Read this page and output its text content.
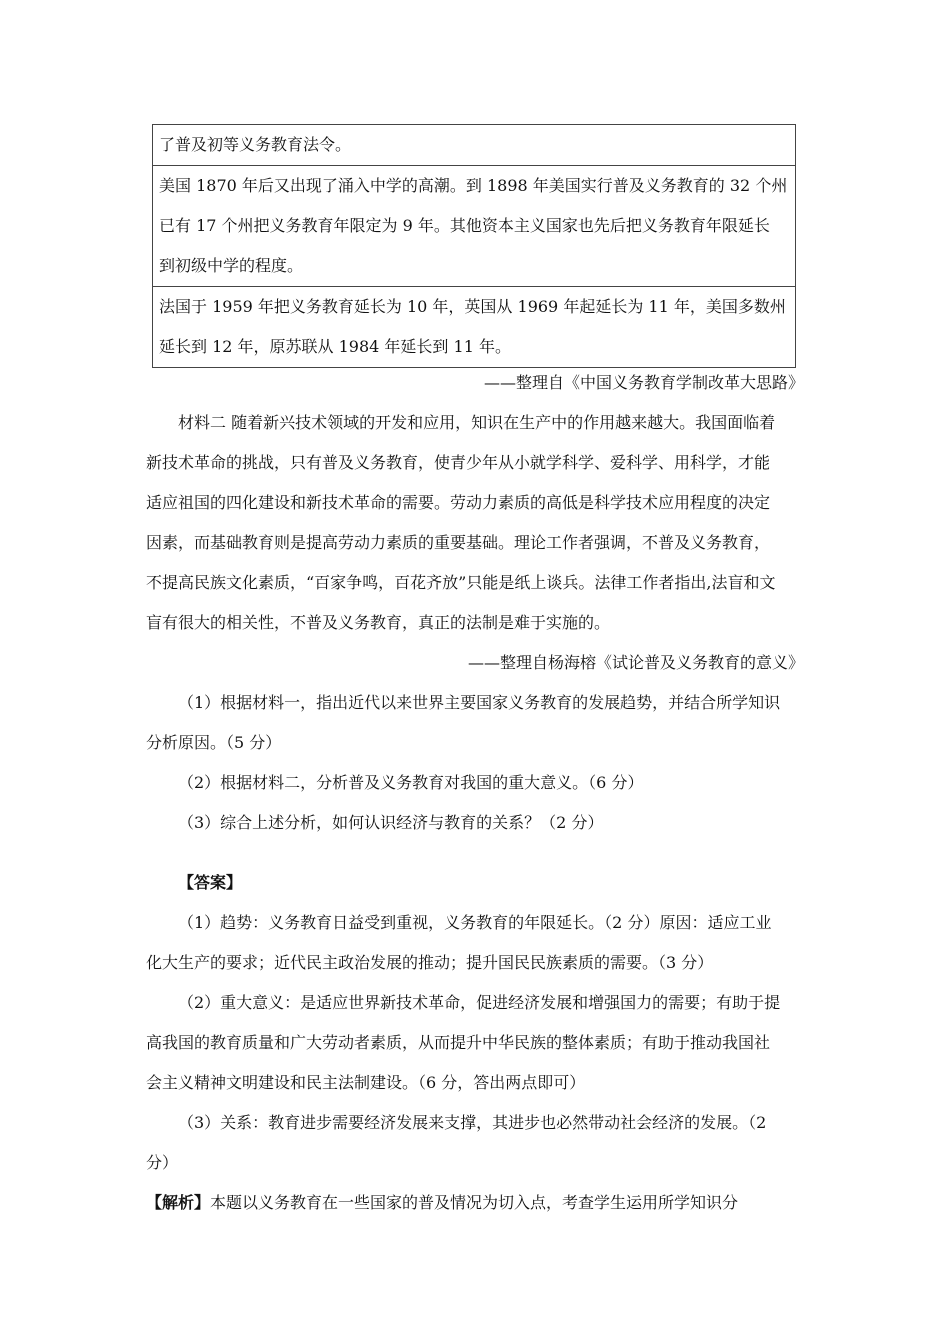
了普及初等义务教育法令。

美国 1870 年后又出现了涌入中学的高潮。到 1898 年美国实行普及义务教育的 32 个州

已有 17 个州把义务教育年限定为 9 年。其他资本主义国家也先后把义务教育年限延长

到初级中学的程度。

法国于 1959 年把义务教育延长为 10 年，英国从 1969 年起延长为 11 年，美国多数州

延长到 12 年，原苏联从 1984 年延长到 11 年。

——整理自《中国义务教育学制改革大思路》

材料二 随着新兴技术领域的开发和应用，知识在生产中的作用越来越大。我国面临着

新技术革命的挑战，只有普及义务教育，使青少年从小就学科学、爱科学、用科学，才能

适应祖国的四化建设和新技术革命的需要。劳动力素质的高低是科学技术应用程度的决定

因素，而基础教育则是提高劳动力素质的重要基础。理论工作者强调，不普及义务教育，

不提高民族文化素质，“百家争鸣，百花齐放”只能是纸上谈兵。法律工作者指出,法盲和文

盲有很大的相关性，不普及义务教育，真正的法制是难于实施的。

——整理自杨海榕《试论普及义务教育的意义》

（1）根据材料一，指出近代以来世界主要国家义务教育的发展趋势，并结合所学知识

分析原因。（5 分）

（2）根据材料二，分析普及义务教育对我国的重大意义。（6 分）

（3）综合上述分析，如何认识经济与教育的关系？（2 分）

【答案】

（1）趋势：义务教育日益受到重视，义务教育的年限延长。（2 分）原因：适应工业

化大生产的要求；近代民主政治发展的推动；提升国民民族素质的需要。（3 分）

（2）重大意义：是适应世界新技术革命，促进经济发展和增强国力的需要；有助于提

高我国的教育质量和广大劳动者素质，从而提升中华民族的整体素质；有助于推动我国社

会主义精神文明建设和民主法制建设。（6 分，答出两点即可）

（3）关系：教育进步需要经济发展来支撑，其进步也必然带动社会经济的发展。（2

分）

【解析】本题以义务教育在一些国家的普及情况为切入点，考查学生运用所学知识分
